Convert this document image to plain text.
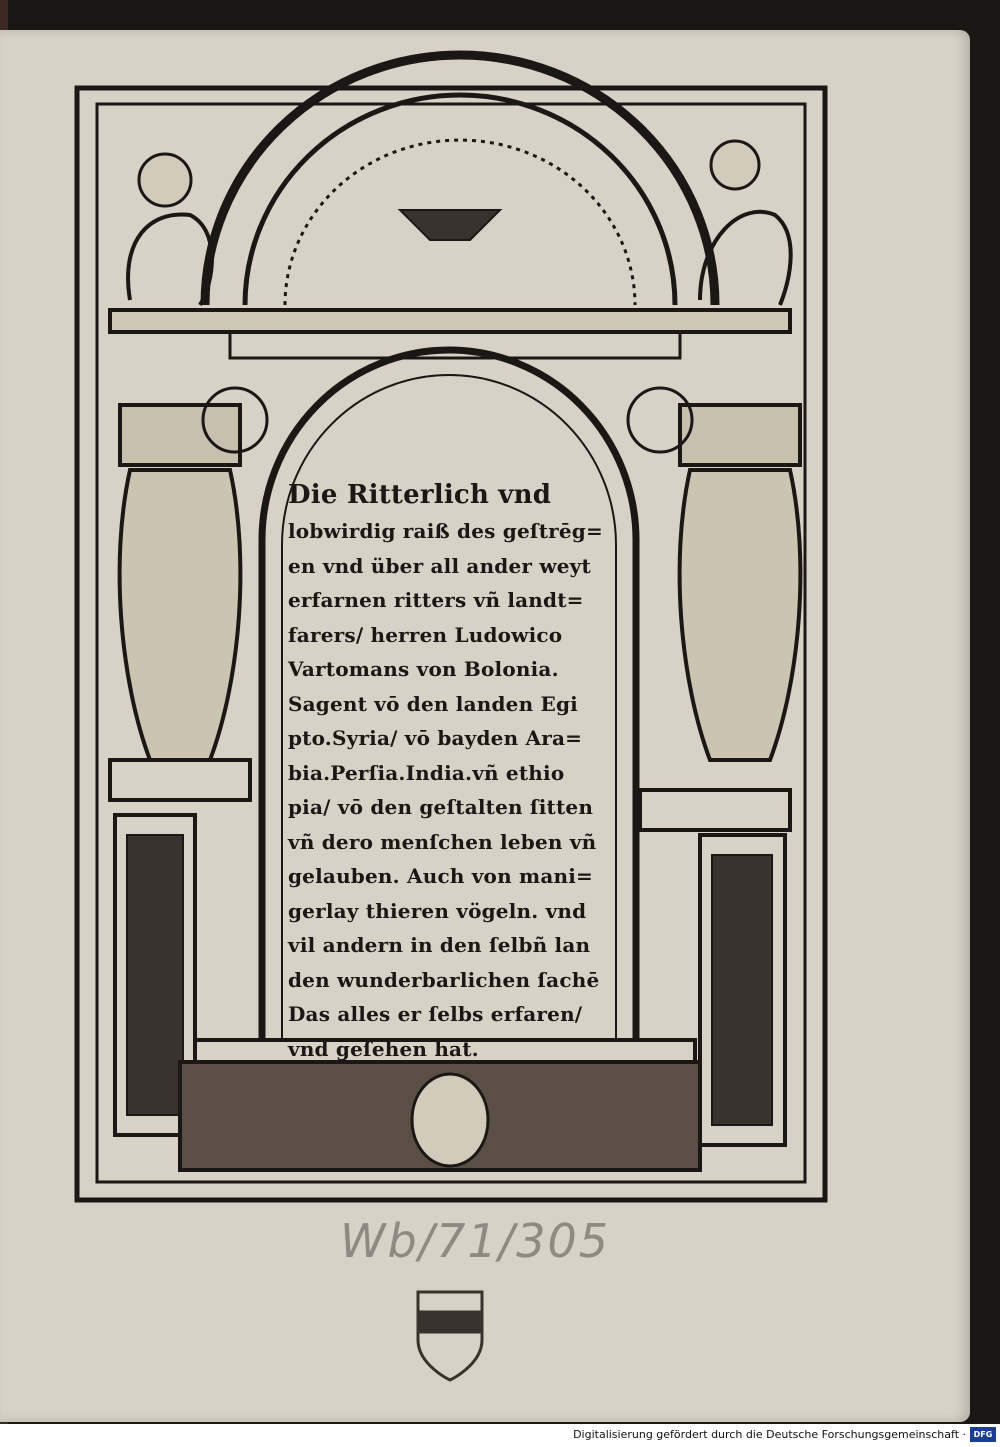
Die Ritterlich vnd
lobwirdig raiß des geſtrēg=
en vnd über all ander weyt
erfarnen ritters vñ landt=
farers/ herren Ludowico
Vartomans von Bolonia.
Sagent vō den landen Egi
pto.Syria/ vō bayden Ara=
bia.Perſia.India.vñ ethio
pia/ vō den geſtalten ſitten
vñ dero menſchen leben vñ
gelauben. Auch von mani=
gerlay thieren vögeln. vnd
vil andern in den ſelbñ lan
den wunderbarlichen ſachē
Das alles er ſelbs erfaren/
vnd geſehen hat.
Wb/71/305
Digitalisierung gefördert durch die Deutsche Forschungsgemeinschaft · DFG
